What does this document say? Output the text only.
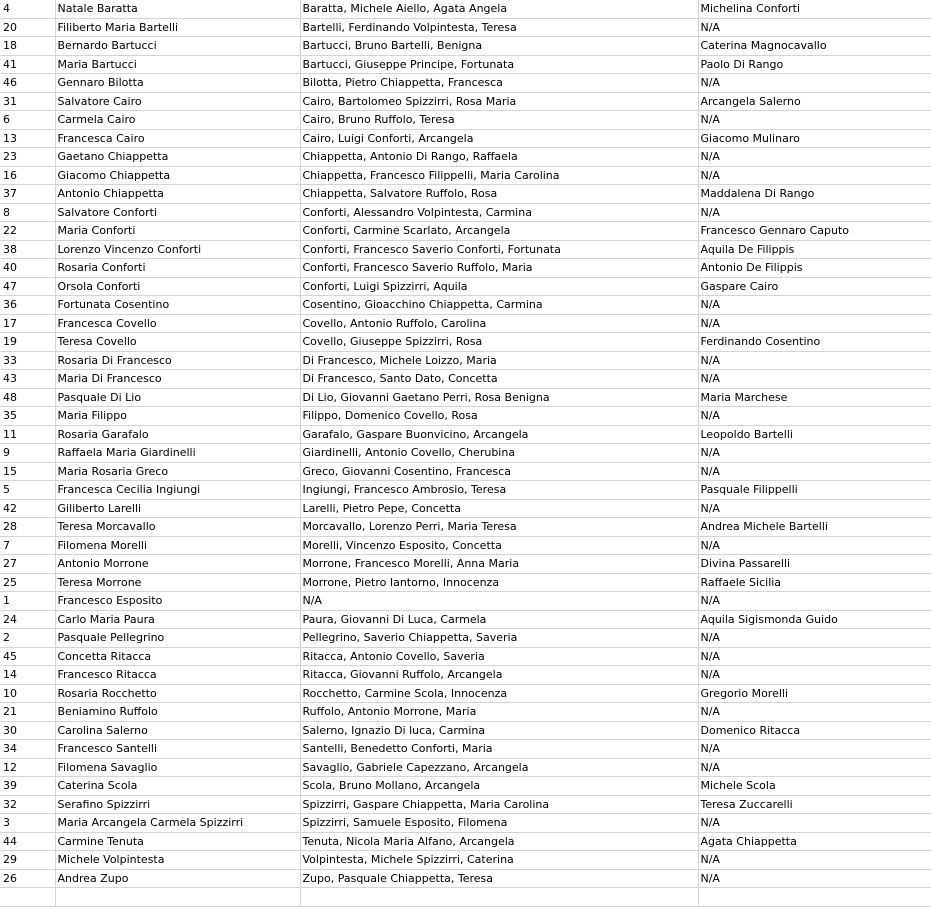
4	Natale Baratta	Baratta, Michele Aiello, Agata Angela	Michelina Conforti
20	Filiberto Maria Bartelli	Bartelli, Ferdinando Volpintesta, Teresa	N/A
18	Bernardo Bartucci	Bartucci, Bruno Bartelli, Benigna	Caterina Magnocavallo
41	Maria Bartucci	Bartucci, Giuseppe Principe, Fortunata	Paolo Di Rango
46	Gennaro Bilotta	Bilotta, Pietro Chiappetta, Francesca	N/A
31	Salvatore Cairo	Cairo, Bartolomeo Spizzirri, Rosa Maria	Arcangela Salerno
6	Carmela Cairo	Cairo, Bruno Ruffolo, Teresa	N/A
13	Francesca Cairo	Cairo, Luigi Conforti, Arcangela	Giacomo Mulinaro
23	Gaetano Chiappetta	Chiappetta, Antonio Di Rango, Raffaela	N/A
16	Giacomo Chiappetta	Chiappetta, Francesco Filippelli, Maria Carolina	N/A
37	Antonio Chiappetta	Chiappetta, Salvatore Ruffolo, Rosa	Maddalena Di Rango
8	Salvatore Conforti	Conforti, Alessandro Volpintesta, Carmina	N/A
22	Maria Conforti	Conforti, Carmine Scarlato, Arcangela	Francesco Gennaro Caputo
38	Lorenzo Vincenzo Conforti	Conforti, Francesco Saverio Conforti, Fortunata	Aquila De Filippis
40	Rosaria Conforti	Conforti, Francesco Saverio Ruffolo, Maria	Antonio De Filippis
47	Orsola Conforti	Conforti, Luigi Spizzirri, Aquila	Gaspare Cairo
36	Fortunata Cosentino	Cosentino, Gioacchino Chiappetta, Carmina	N/A
17	Francesca Covello	Covello, Antonio Ruffolo, Carolina	N/A
19	Teresa Covello	Covello, Giuseppe Spizzirri, Rosa	Ferdinando Cosentino
33	Rosaria Di Francesco	Di Francesco, Michele Loizzo, Maria	N/A
43	Maria Di Francesco	Di Francesco, Santo Dato, Concetta	N/A
48	Pasquale Di Lio	Di Lio, Giovanni Gaetano Perri, Rosa Benigna	Maria Marchese
35	Maria Filippo	Filippo, Domenico Covello, Rosa	N/A
11	Rosaria Garafalo	Garafalo, Gaspare Buonvicino, Arcangela	Leopoldo Bartelli
9	Raffaela Maria Giardinelli	Giardinelli, Antonio Covello, Cherubina	N/A
15	Maria Rosaria Greco	Greco, Giovanni Cosentino, Francesca	N/A
5	Francesca Cecilia Ingiungi	Ingiungi, Francesco Ambrosio, Teresa	Pasquale Filippelli
42	Giliberto Larelli	Larelli, Pietro Pepe, Concetta	N/A
28	Teresa Morcavallo	Morcavallo, Lorenzo Perri, Maria Teresa	Andrea Michele Bartelli
7	Filomena Morelli	Morelli, Vincenzo Esposito, Concetta	N/A
27	Antonio Morrone	Morrone, Francesco Morelli, Anna Maria	Divina Passarelli
25	Teresa Morrone	Morrone, Pietro Iantorno, Innocenza	Raffaele Sicilia
1	Francesco Esposito	N/A	N/A
24	Carlo Maria Paura	Paura, Giovanni Di Luca, Carmela	Aquila Sigismonda Guido
2	Pasquale Pellegrino	Pellegrino, Saverio Chiappetta, Saveria	N/A
45	Concetta Ritacca	Ritacca, Antonio Covello, Saveria	N/A
14	Francesco Ritacca	Ritacca, Giovanni Ruffolo, Arcangela	N/A
10	Rosaria Rocchetto	Rocchetto, Carmine Scola, Innocenza	Gregorio Morelli
21	Beniamino Ruffolo	Ruffolo, Antonio Morrone, Maria	N/A
30	Carolina Salerno	Salerno, Ignazio Di luca, Carmina	Domenico Ritacca
34	Francesco Santelli	Santelli, Benedetto Conforti, Maria	N/A
12	Filomena Savaglio	Savaglio, Gabriele Capezzano, Arcangela	N/A
39	Caterina Scola	Scola, Bruno Mollano, Arcangela	Michele Scola
32	Serafino Spizzirri	Spizzirri, Gaspare Chiappetta, Maria Carolina	Teresa Zuccarelli
3	Maria Arcangela Carmela Spizzirri	Spizzirri, Samuele Esposito, Filomena	N/A
44	Carmine Tenuta	Tenuta, Nicola Maria Alfano, Arcangela	Agata Chiappetta
29	Michele Volpintesta	Volpintesta, Michele Spizzirri, Caterina	N/A
26	Andrea Zupo	Zupo, Pasquale Chiappetta, Teresa	N/A
